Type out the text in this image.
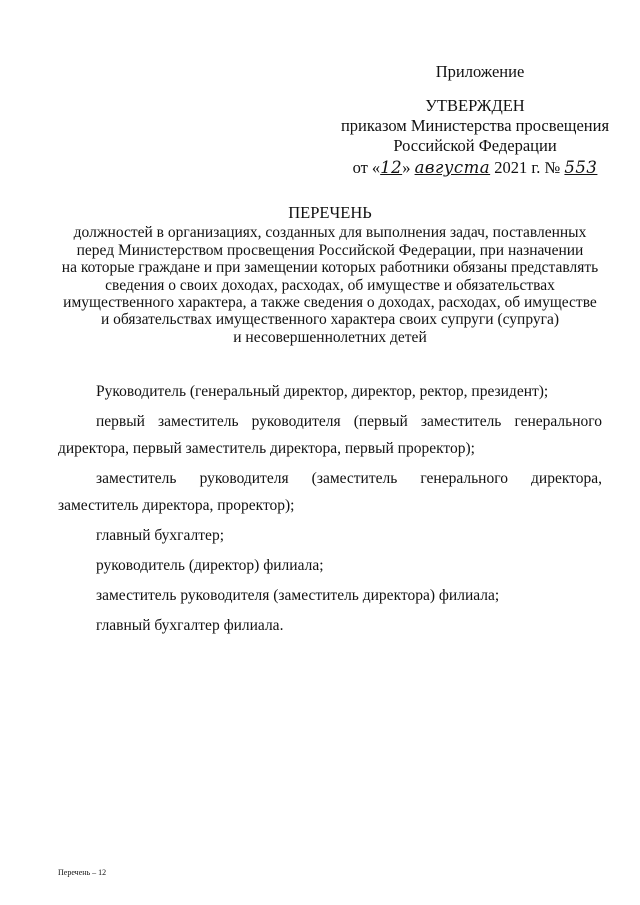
Приложение
УТВЕРЖДЕН
приказом Министерства просвещения
Российской Федерации
от «12» августа 2021 г. № 553
ПЕРЕЧЕНЬ
должностей в организациях, созданных для выполнения задач, поставленных
перед Министерством просвещения Российской Федерации, при назначении
на которые граждане и при замещении которых работники обязаны представлять
сведения о своих доходах, расходах, об имуществе и обязательствах
имущественного характера, а также сведения о доходах, расходах, об имуществе
и обязательствах имущественного характера своих супруги (супруга)
и несовершеннолетних детей

Руководитель (генеральный директор, директор, ректор, президент);

первый заместитель руководителя (первый заместитель генерального директора, первый заместитель директора, первый проректор);

заместитель руководителя (заместитель генерального директора, заместитель директора, проректор);

главный бухгалтер;

руководитель (директор) филиала;

заместитель руководителя (заместитель директора) филиала;

главный бухгалтер филиала.

Перечень – 12
